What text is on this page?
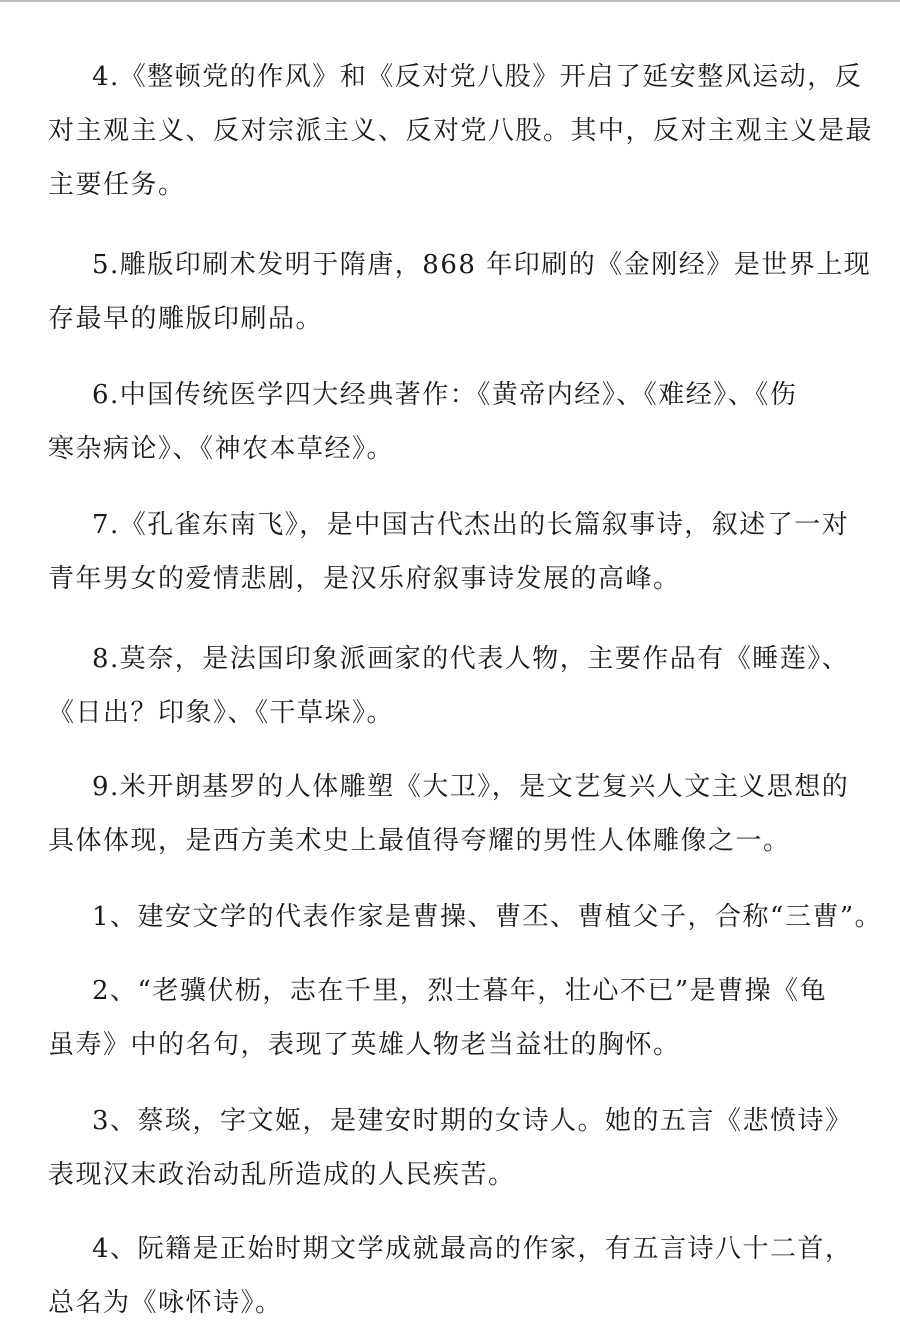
4.《整顿党的作风》和《反对党八股》开启了延安整风运动，反
对主观主义、反对宗派主义、反对党八股。其中，反对主观主义是最
主要任务。
5.雕版印刷术发明于隋唐，868 年印刷的《金刚经》是世界上现
存最早的雕版印刷品。
6.中国传统医学四大经典著作：《黄帝内经》、《难经》、《伤
寒杂病论》、《神农本草经》。
7.《孔雀东南飞》，是中国古代杰出的长篇叙事诗，叙述了一对
青年男女的爱情悲剧，是汉乐府叙事诗发展的高峰。
8.莫奈，是法国印象派画家的代表人物，主要作品有《睡莲》、
《日出？印象》、《干草垛》。
9.米开朗基罗的人体雕塑《大卫》，是文艺复兴人文主义思想的
具体体现，是西方美术史上最值得夸耀的男性人体雕像之一。
1、建安文学的代表作家是曹操、曹丕、曹植父子，合称“三曹”。
2、“老骥伏枥，志在千里，烈士暮年，壮心不已”是曹操《龟
虽寿》中的名句，表现了英雄人物老当益壮的胸怀。
3、蔡琰，字文姬，是建安时期的女诗人。她的五言《悲愤诗》
表现汉末政治动乱所造成的人民疾苦。
4、阮籍是正始时期文学成就最高的作家，有五言诗八十二首，
总名为《咏怀诗》。
